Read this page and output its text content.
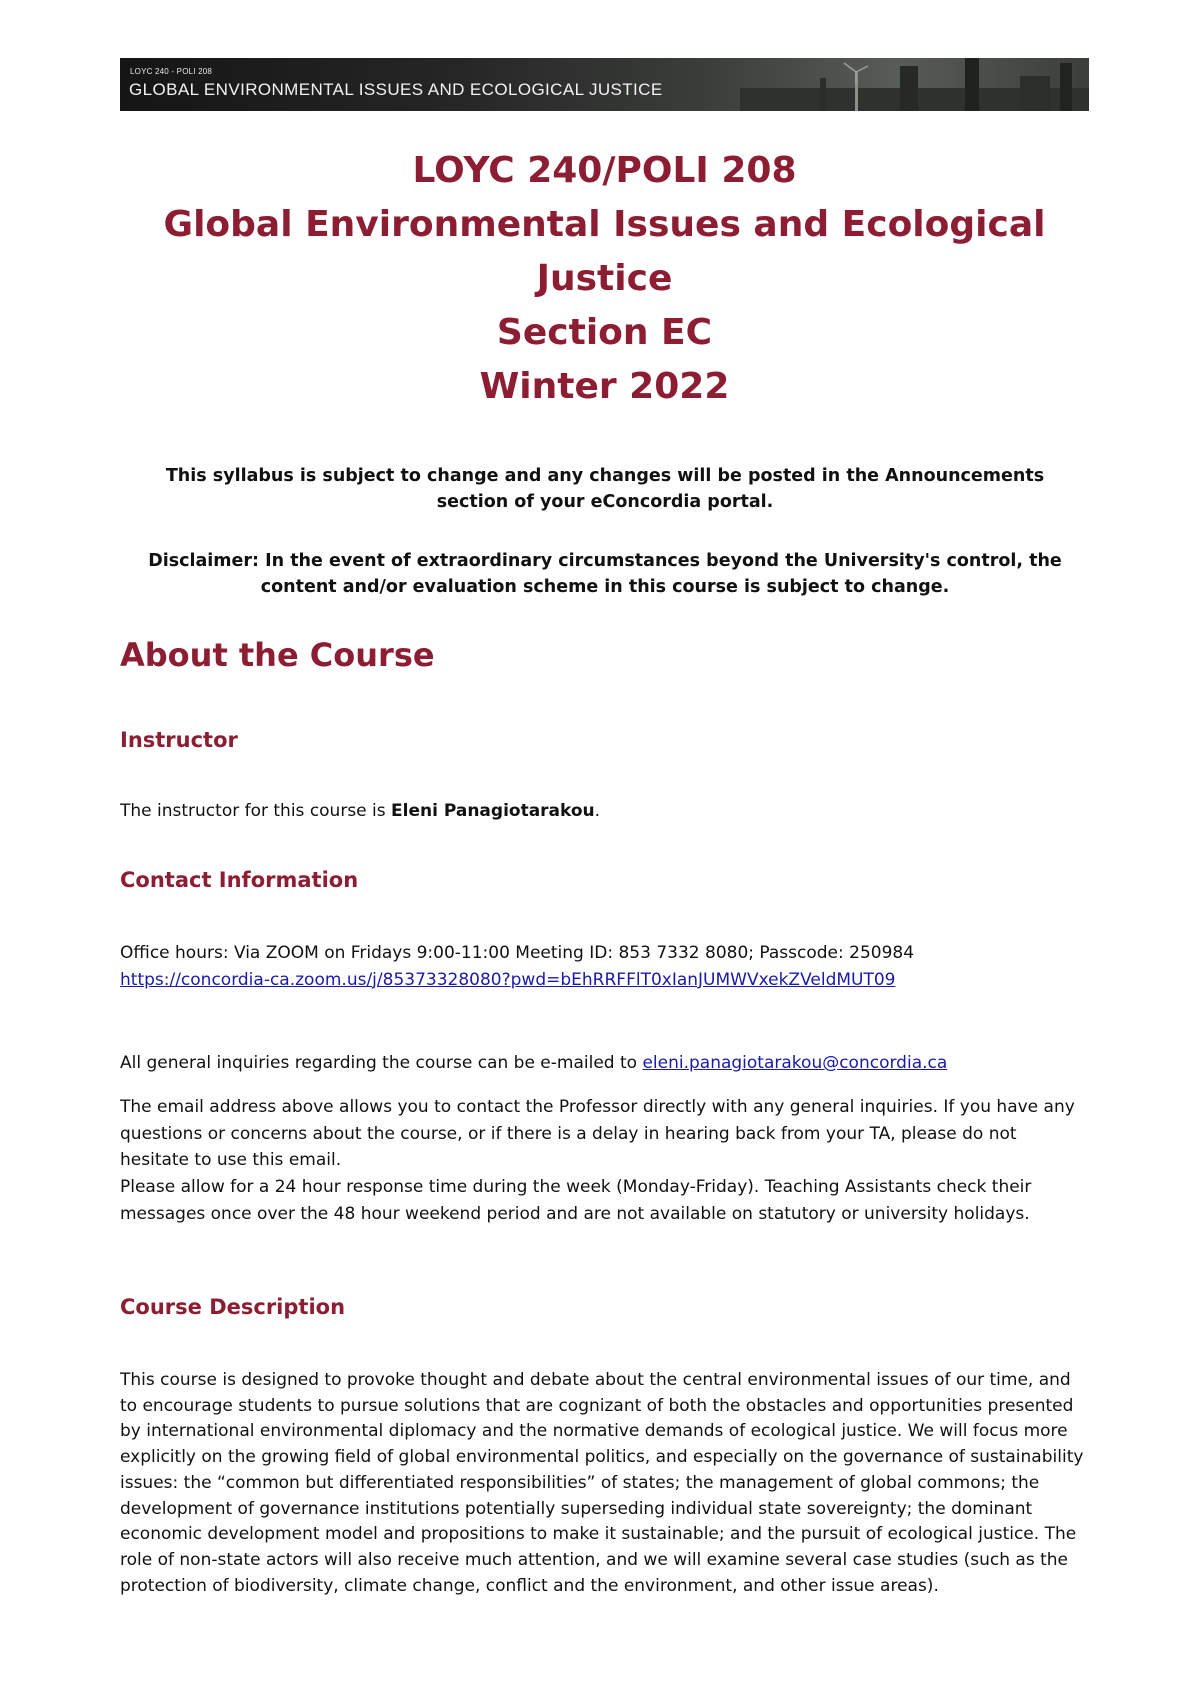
LOYC 240 - POLI 208
GLOBAL ENVIRONMENTAL ISSUES AND ECOLOGICAL JUSTICE
LOYC 240/POLI 208
Global Environmental Issues and Ecological
Justice
Section EC
Winter 2022
This syllabus is subject to change and any changes will be posted in the Announcements section of your eConcordia portal.
Disclaimer: In the event of extraordinary circumstances beyond the University's control, the content and/or evaluation scheme in this course is subject to change.
About the Course
Instructor
The instructor for this course is Eleni Panagiotarakou.
Contact Information
Office hours: Via ZOOM on Fridays 9:00-11:00 Meeting ID: 853 7332 8080; Passcode: 250984
https://concordia-ca.zoom.us/j/85373328080?pwd=bEhRRFFlT0xIanJUMWVxekZVeldMUT09
All general inquiries regarding the course can be e-mailed to eleni.panagiotarakou@concordia.ca
The email address above allows you to contact the Professor directly with any general inquiries. If you have any questions or concerns about the course, or if there is a delay in hearing back from your TA, please do not hesitate to use this email.
Please allow for a 24 hour response time during the week (Monday-Friday). Teaching Assistants check their messages once over the 48 hour weekend period and are not available on statutory or university holidays.
Course Description
This course is designed to provoke thought and debate about the central environmental issues of our time, and to encourage students to pursue solutions that are cognizant of both the obstacles and opportunities presented by international environmental diplomacy and the normative demands of ecological justice. We will focus more explicitly on the growing field of global environmental politics, and especially on the governance of sustainability issues: the “common but differentiated responsibilities” of states; the management of global commons; the development of governance institutions potentially superseding individual state sovereignty; the dominant economic development model and propositions to make it sustainable; and the pursuit of ecological justice. The role of non-state actors will also receive much attention, and we will examine several case studies (such as the protection of biodiversity, climate change, conflict and the environment, and other issue areas).
